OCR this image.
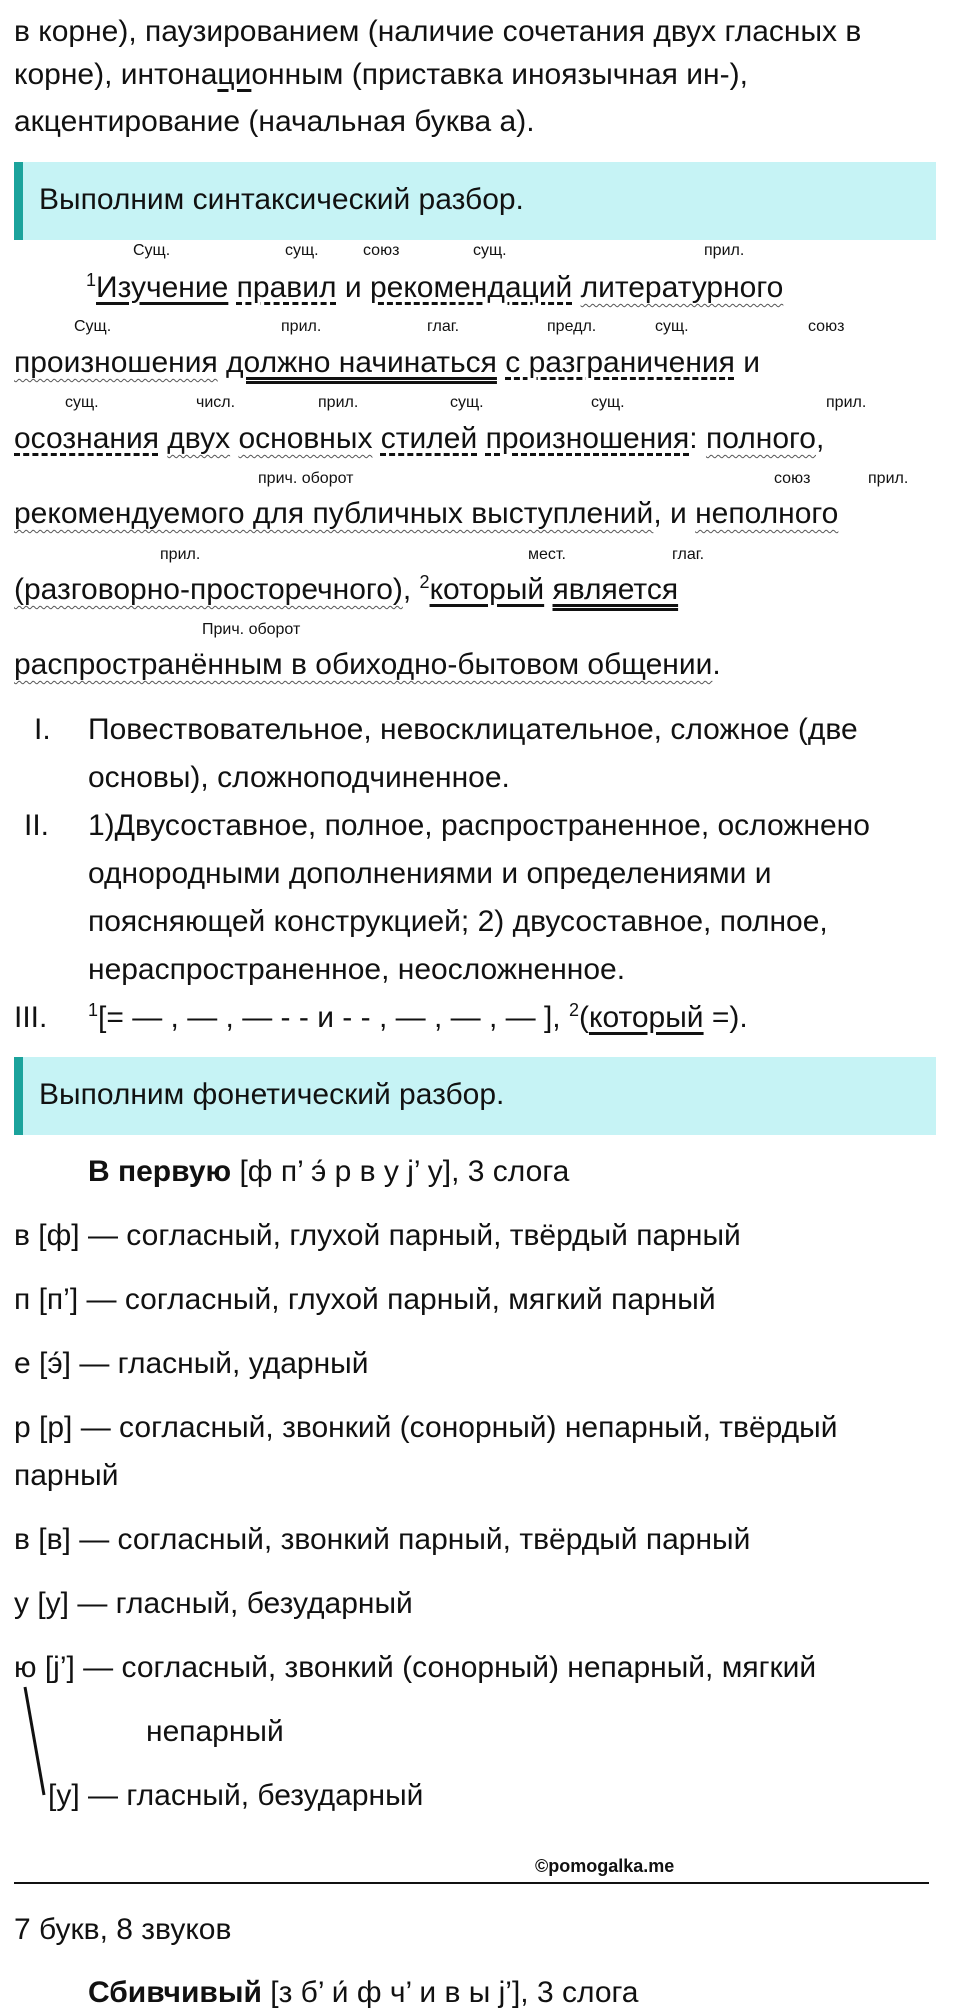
в корне), паузированием (наличие сочетания двух гласных в
корне), интонационным (приставка иноязычная ин-),
акцентирование (начальная буква а).
Выполним синтаксический разбор.
Сущ.	сущ.	союз	сущ.	прил.
$^1$Изучение правил и рекомендаций литературного
Сущ.	прил.	глаг.	предл.	сущ.	союз
произношения должно начинаться с разграничения и
сущ.	числ.	прил.	сущ.	сущ.	прил.
осознания двух основных стилей произношения: полного,
прич. оборот	союз	прил.
рекомендуемого для публичных выступлений, и неполного
прил.	мест.	глаг.
(разговорно-просторечного), $^2$который является
Прич. оборот
распространённым в обиходно-бытовом общении.
I. Повествовательное, невосклицательное, сложное (две
основы), сложноподчиненное.
II. 1)Двусоставное, полное, распространенное, осложнено
однородными дополнениями и определениями и
поясняющей конструкцией; 2) двусоставное, полное,
нераспространенное, неосложненное.
III. $^1$[= — , — , — - - и - - , — , — , — ], $^2$(который =).
Выполним фонетический разбор.
В первую [ф п’ э́ р в у j’ у], 3 слога
в [ф] — согласный, глухой парный, твёрдый парный
п [п’] — согласный, глухой парный, мягкий парный
е [э́] — гласный, ударный
р [р] — согласный, звонкий (сонорный) непарный, твёрдый
парный
в [в] — согласный, звонкий парный, твёрдый парный
у [у] — гласный, безударный
ю [j’] — согласный, звонкий (сонорный) непарный, мягкий
непарный
[у] — гласный, безударный
©pomogalka.me
7 букв, 8 звуков
Сбивчивый [з б’ и́ ф ч’ и в ы j’], 3 слога
